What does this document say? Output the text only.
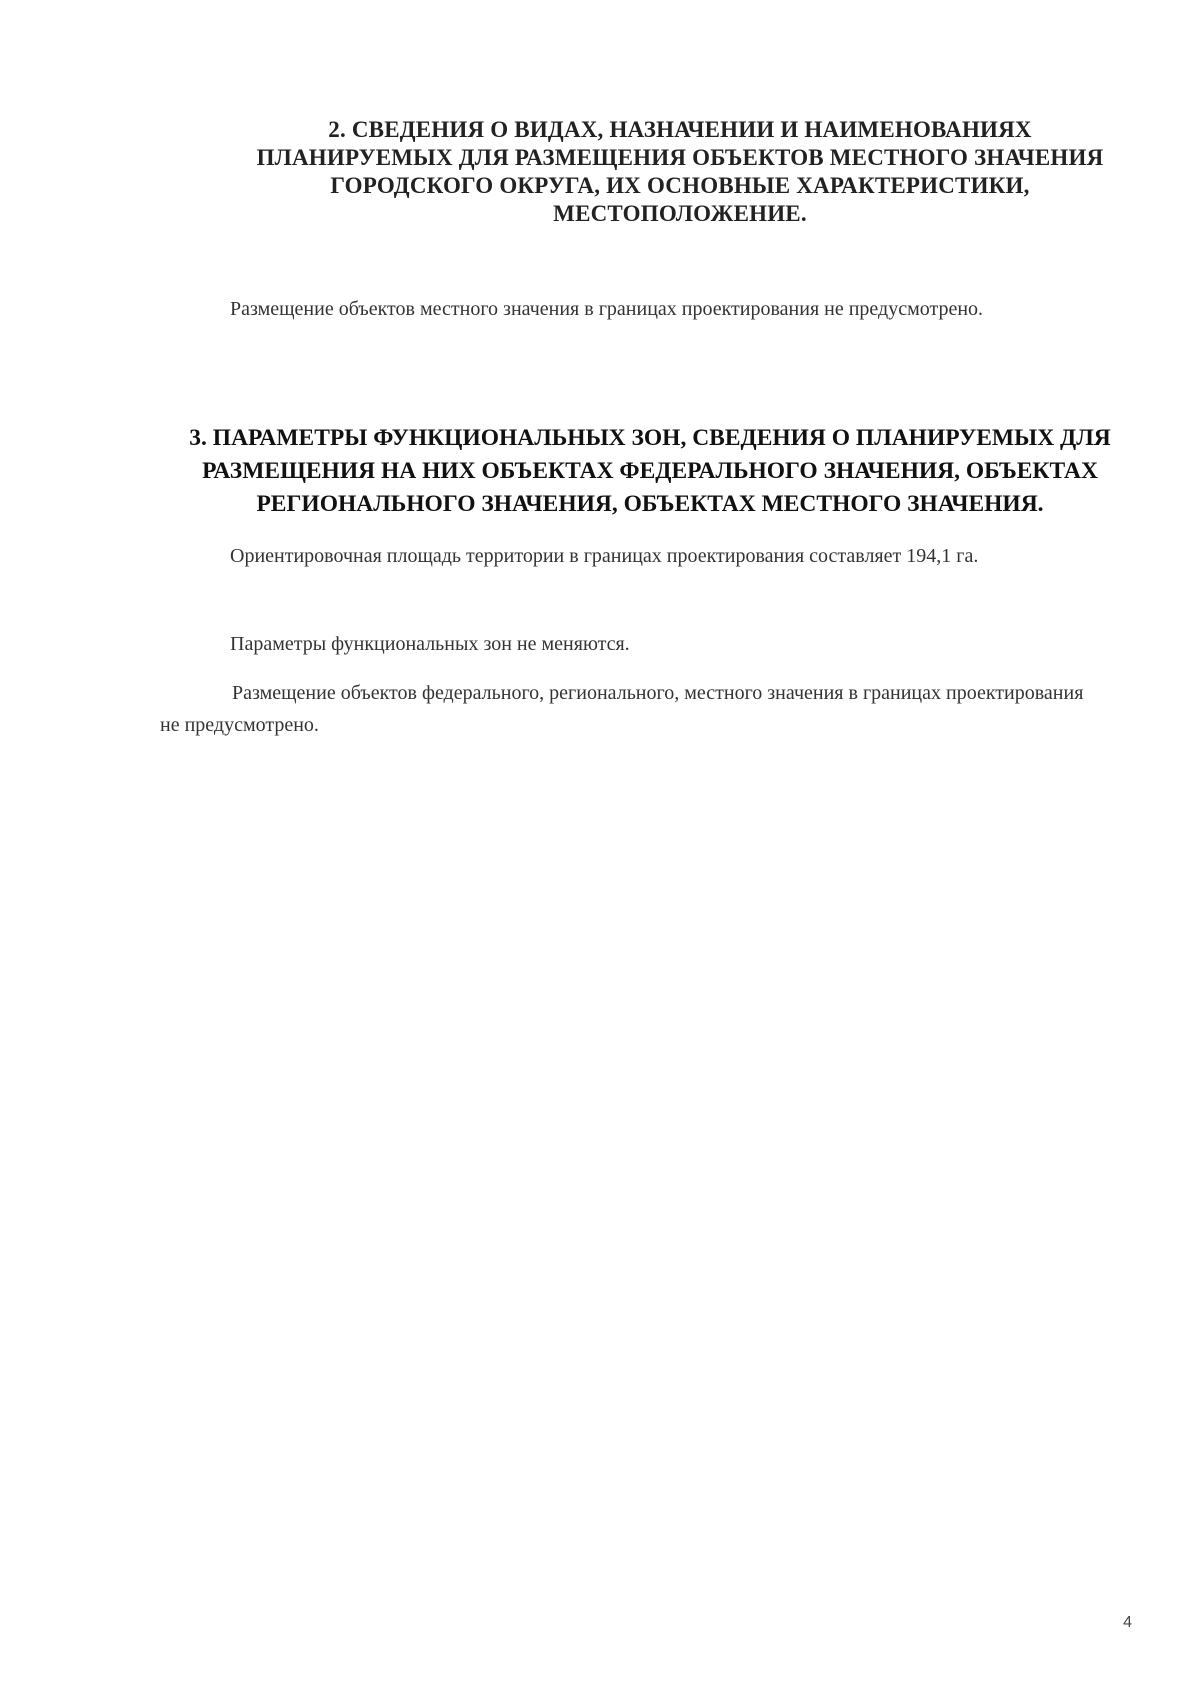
2. СВЕДЕНИЯ О ВИДАХ, НАЗНАЧЕНИИ И НАИМЕНОВАНИЯХ ПЛАНИРУЕМЫХ ДЛЯ РАЗМЕЩЕНИЯ ОБЪЕКТОВ МЕСТНОГО ЗНАЧЕНИЯ ГОРОДСКОГО ОКРУГА, ИХ ОСНОВНЫЕ ХАРАКТЕРИСТИКИ, МЕСТОПОЛОЖЕНИЕ.

Размещение объектов местного значения в границах проектирования не предусмотрено.

3. ПАРАМЕТРЫ ФУНКЦИОНАЛЬНЫХ ЗОН, СВЕДЕНИЯ О ПЛАНИРУЕМЫХ ДЛЯ РАЗМЕЩЕНИЯ НА НИХ ОБЪЕКТАХ ФЕДЕРАЛЬНОГО ЗНАЧЕНИЯ, ОБЪЕКТАХ РЕГИОНАЛЬНОГО ЗНАЧЕНИЯ, ОБЪЕКТАХ МЕСТНОГО ЗНАЧЕНИЯ.

Ориентировочная площадь территории в границах проектирования составляет 194,1 га.

Параметры функциональных зон не меняются.

Размещение объектов федерального, регионального, местного значения в границах проектирования не предусмотрено.

4
